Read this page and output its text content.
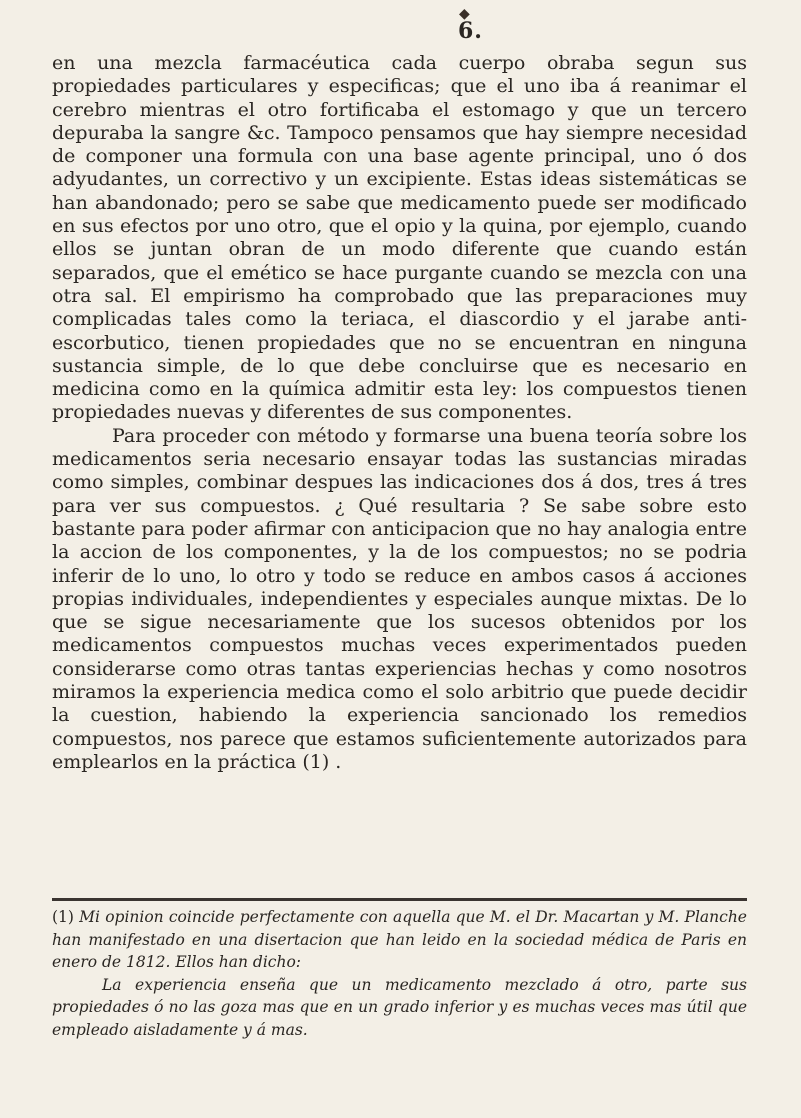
◆
6.

en una mezcla farmacéutica cada cuerpo obraba segun sus propiedades particulares y especificas; que el uno iba á reanimar el cerebro mientras el otro fortificaba el estomago y que un tercero depuraba la sangre &c. Tampoco pensamos que hay siempre necesidad de componer una formula con una base agente principal, uno ó dos adyudantes, un correctivo y un excipiente. Estas ideas sistemáticas se han abandonado; pero se sabe que medicamento puede ser modificado en sus efectos por uno otro, que el opio y la quina, por ejemplo, cuando ellos se juntan obran de un modo diferente que cuando están separados, que el emético se hace purgante cuando se mezcla con una otra sal. El empirismo ha comprobado que las preparaciones muy complicadas tales como la teriaca, el diascordio y el jarabe anti-escorbutico, tienen propiedades que no se encuentran en ninguna sustancia simple, de lo que debe concluirse que es necesario en medicina como en la química admitir esta ley: los compuestos tienen propiedades nuevas y diferentes de sus componentes.

Para proceder con método y formarse una buena teoría sobre los medicamentos seria necesario ensayar todas las sustancias miradas como simples, combinar despues las indicaciones dos á dos, tres á tres para ver sus compuestos. ¿ Qué resultaria ? Se sabe sobre esto bastante para poder afirmar con anticipacion que no hay analogia entre la accion de los componentes, y la de los compuestos; no se podria inferir de lo uno, lo otro y todo se reduce en ambos casos á acciones propias individuales, independientes y especiales aunque mixtas. De lo que se sigue necesariamente que los sucesos obtenidos por los medicamentos compuestos muchas veces experimentados pueden considerarse como otras tantas experiencias hechas y como nosotros miramos la experiencia medica como el solo arbitrio que puede decidir la cuestion, habiendo la experiencia sancionado los remedios compuestos, nos parece que estamos suficientemente autorizados para emplearlos en la práctica (1) .

(1) Mi opinion coincide perfectamente con aquella que M. el Dr. Macartan y M. Planche han manifestado en una disertacion que han leido en la sociedad médica de Paris en enero de 1812. Ellos han dicho:

La experiencia enseña que un medicamento mezclado á otro, parte sus propiedades ó no las goza mas que en un grado inferior y es muchas veces mas útil que empleado aisladamente y á mas.
